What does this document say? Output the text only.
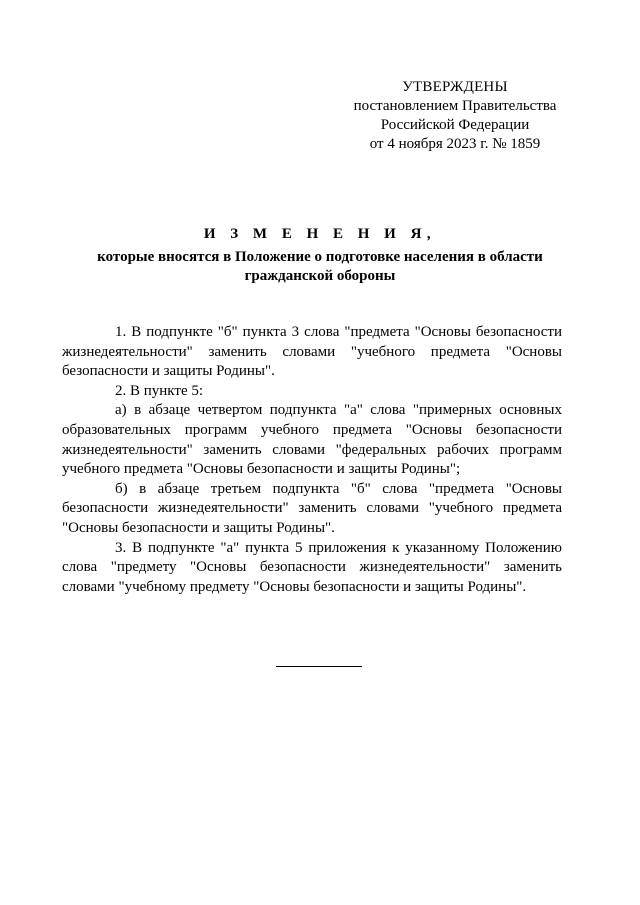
УТВЕРЖДЕНЫ
постановлением Правительства
Российской Федерации
от 4 ноября 2023 г. № 1859
И З М Е Н Е Н И Я,
которые вносятся в Положение о подготовке населения в области гражданской обороны

1. В подпункте "б" пункта 3 слова "предмета "Основы безопасности жизнедеятельности" заменить словами "учебного предмета "Основы безопасности и защиты Родины".

2. В пункте 5:

а) в абзаце четвертом подпункта "а" слова "примерных основных образовательных программ учебного предмета "Основы безопасности жизнедеятельности" заменить словами "федеральных рабочих программ учебного предмета "Основы безопасности и защиты Родины";

б) в абзаце третьем подпункта "б" слова "предмета "Основы безопасности жизнедеятельности" заменить словами "учебного предмета "Основы безопасности и защиты Родины".

3. В подпункте "а" пункта 5 приложения к указанному Положению слова "предмету "Основы безопасности жизнедеятельности" заменить словами "учебному предмету "Основы безопасности и защиты Родины".
